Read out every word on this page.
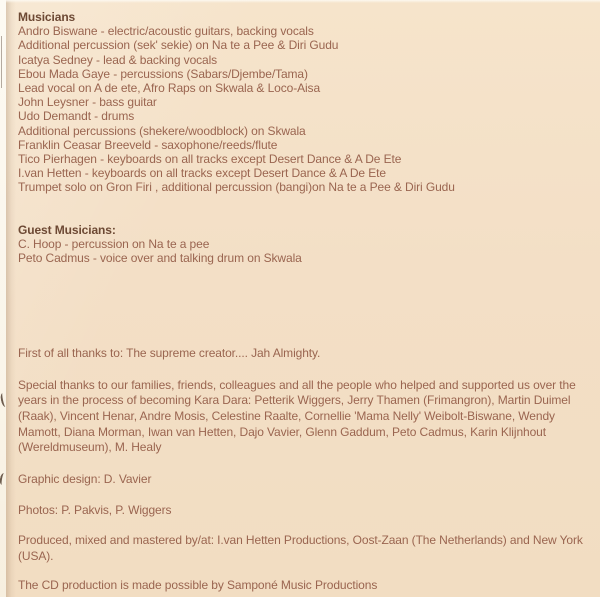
Musicians
Andro Biswane - electric/acoustic guitars, backing vocals
Additional percussion (sek' sekie) on Na te a Pee & Diri Gudu
Icatya Sedney - lead & backing vocals
Ebou Mada Gaye - percussions (Sabars/Djembe/Tama)
Lead vocal on A de ete, Afro Raps on Skwala & Loco-Aisa
John Leysner - bass guitar
Udo Demandt - drums
Additional percussions (shekere/woodblock) on Skwala
Franklin Ceasar Breeveld - saxophone/reeds/flute
Tico Pierhagen - keyboards on all tracks except Desert Dance & A De Ete
I.van Hetten - keyboards on all tracks except Desert Dance & A De Ete
Trumpet solo on Gron Firi , additional percussion (bangi)on Na te a Pee & Diri Gudu
Guest Musicians:
C. Hoop - percussion on Na te a pee
Peto Cadmus - voice over and talking drum on Skwala
First of all thanks to: The supreme creator.... Jah Almighty.
Special thanks to our families, friends, colleagues and all the people who helped and supported us over the years in the process of becoming Kara Dara: Petterik Wiggers, Jerry Thamen (Frimangron), Martin Duimel (Raak), Vincent Henar, Andre Mosis, Celestine Raalte, Cornellie 'Mama Nelly' Weibolt-Biswane, Wendy Mamott, Diana Morman, Iwan van Hetten, Dajo Vavier, Glenn Gaddum, Peto Cadmus, Karin Klijnhout (Wereldmuseum), M. Healy
Graphic design: D. Vavier
Photos: P. Pakvis, P. Wiggers
Produced, mixed and mastered by/at: I.van Hetten Productions, Oost-Zaan (The Netherlands) and New York (USA).
The CD production is made possible by Samponé Music Productions
